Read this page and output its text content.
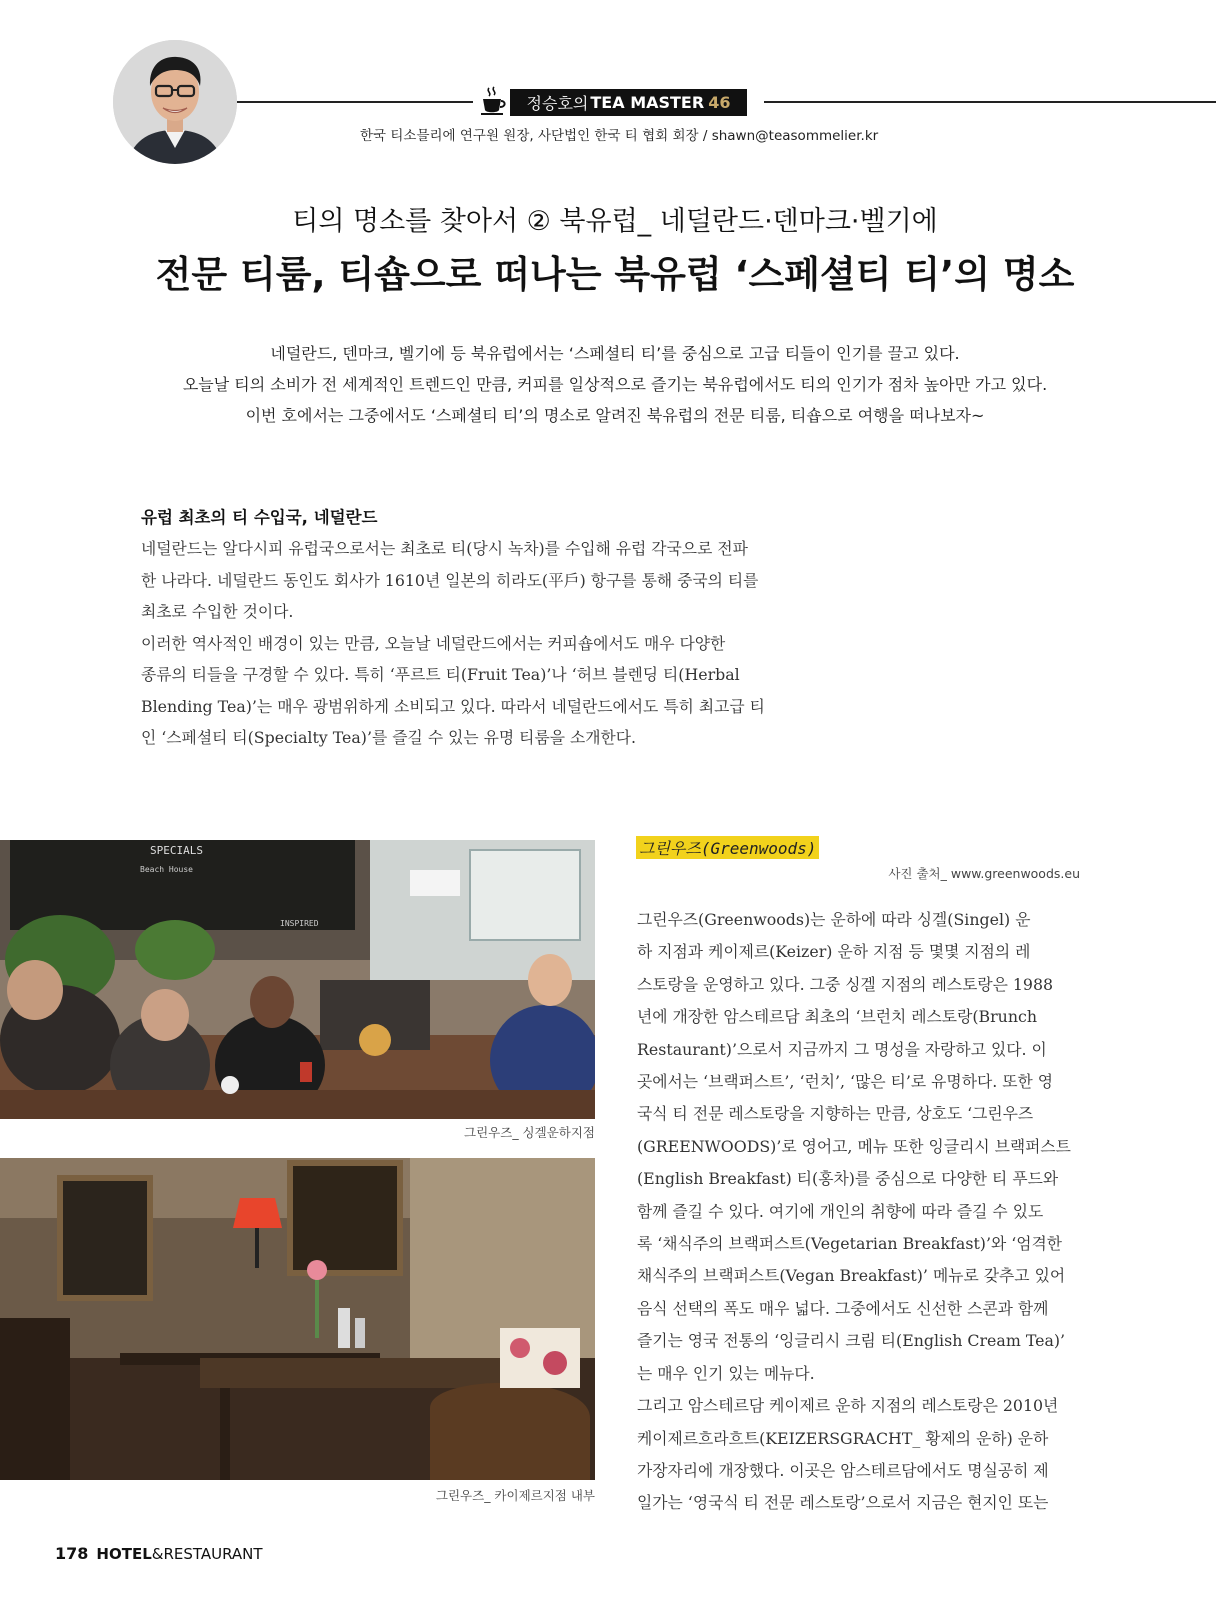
정승호 의 TEA MASTER 46
한국 티소믈리에 연구원 원장, 사단법인 한국 티 협회 회장 / shawn@teasommelier.kr
티의 명소를 찾아서 ② 북유럽_ 네덜란드·덴마크·벨기에
전문 티룸, 티숍으로 떠나는 북유럽 ‘스페셜티 티’의 명소
네덜란드, 덴마크, 벨기에 등 북유럽에서는 ‘스페셜티 티’를 중심으로 고급 티들이 인기를 끌고 있다.
오늘날 티의 소비가 전 세계적인 트렌드인 만큼, 커피를 일상적으로 즐기는 북유럽에서도 티의 인기가 점차 높아만 가고 있다.
이번 호에서는 그중에서도 ‘스페셜티 티’의 명소로 알려진 북유럽의 전문 티룸, 티숍으로 여행을 떠나보자~
유럽 최초의 티 수입국, 네덜란드
네덜란드는 알다시피 유럽국으로서는 최초로 티(당시 녹차)를 수입해 유럽 각국으로 전파
한 나라다. 네덜란드 동인도 회사가 1610년 일본의 히라도(平戶) 항구를 통해 중국의 티를
최초로 수입한 것이다.
이러한 역사적인 배경이 있는 만큼, 오늘날 네덜란드에서는 커피숍에서도 매우 다양한
종류의 티들을 구경할 수 있다. 특히 ‘푸르트 티(Fruit Tea)’나 ‘허브 블렌딩 티(Herbal
Blending Tea)’는 매우 광범위하게 소비되고 있다. 따라서 네덜란드에서도 특히 최고급 티
인 ‘스페셜티 티(Specialty Tea)’를 즐길 수 있는 유명 티룸을 소개한다.
SPECIALS
Beach House
INSPIRED
그린우즈_ 싱겔운하지점
그린우즈_ 카이제르지점 내부
그린우즈(Greenwoods)
사진 출처_ www.greenwoods.eu
그린우즈(Greenwoods)는 운하에 따라 싱겔(Singel) 운
하 지점과 케이제르(Keizer) 운하 지점 등 몇몇 지점의 레
스토랑을 운영하고 있다. 그중 싱겔 지점의 레스토랑은 1988
년에 개장한 암스테르담 최초의 ‘브런치 레스토랑(Brunch
Restaurant)’으로서 지금까지 그 명성을 자랑하고 있다. 이
곳에서는 ‘브랙퍼스트’, ‘런치’, ‘많은 티’로 유명하다. 또한 영
국식 티 전문 레스토랑을 지향하는 만큼, 상호도 ‘그린우즈
(GREENWOODS)’로 영어고, 메뉴 또한 잉글리시 브랙퍼스트
(English Breakfast) 티(홍차)를 중심으로 다양한 티 푸드와
함께 즐길 수 있다. 여기에 개인의 취향에 따라 즐길 수 있도
록 ‘채식주의 브랙퍼스트(Vegetarian Breakfast)’와 ‘엄격한
채식주의 브랙퍼스트(Vegan Breakfast)’ 메뉴로 갖추고 있어
음식 선택의 폭도 매우 넓다. 그중에서도 신선한 스콘과 함께
즐기는 영국 전통의 ‘잉글리시 크림 티(English Cream Tea)’
는 매우 인기 있는 메뉴다.
그리고 암스테르담 케이제르 운하 지점의 레스토랑은 2010년
케이제르흐라흐트(KEIZERSGRACHT_ 황제의 운하) 운하
가장자리에 개장했다. 이곳은 암스테르담에서도 명실공히 제
일가는 ‘영국식 티 전문 레스토랑’으로서 지금은 현지인 또는
178 HOTEL&RESTAURANT
